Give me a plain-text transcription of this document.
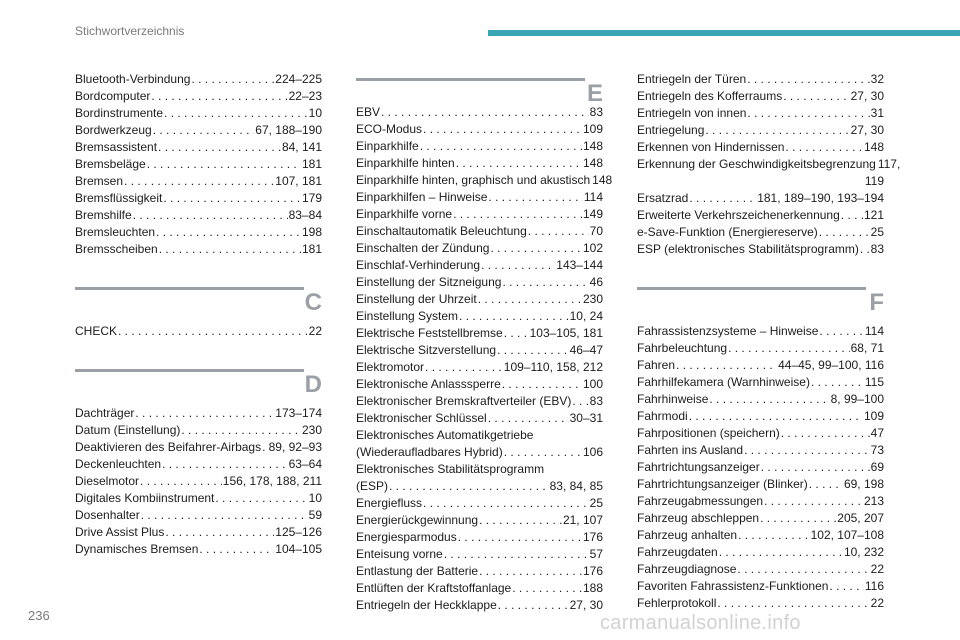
Stichwortverzeichnis
Bluetooth-Verbindung . . .	224–225
Bordcomputer . . .	22–23
Bordinstrumente . . .	10
Bordwerkzeug . . .	67, 188–190
Bremsassistent . . .	84, 141
Bremsbeläge . . .	181
Bremsen . . .	107, 181
Bremsflüssigkeit . . .	179
Bremshilfe . . .	83–84
Bremsleuchten . . .	198
Bremsscheiben . . .	181
C
CHECK . . .	22
D
Dachträger . . .	173–174
Datum (Einstellung) . . .	230
Deaktivieren des Beifahrer-Airbags . . . 89, 92–93
Deckenleuchten . . .	63–64
Dieselmotor . . .	156, 178, 188, 211
Digitales Kombiinstrument . . .	10
Dosenhalter . . .	59
Drive Assist Plus . . .	125–126
Dynamisches Bremsen . . .	104–105
E
EBV . . .	83
ECO-Modus . . .	109
Einparkhilfe . . .	148
Einparkhilfe hinten . . .	148
Einparkhilfe hinten, graphisch und akustisch 148
Einparkhilfen – Hinweise . . .	114
Einparkhilfe vorne . . .	149
Einschaltautomatik Beleuchtung . . .	70
Einschalten der Zündung . . .	102
Einschlaf-Verhinderung . . .	143–144
Einstellung der Sitzneigung . . .	46
Einstellung der Uhrzeit . . .	230
Einstellung System . . .	10, 24
Elektrische Feststellbremse . . . 103–105, 181
Elektrische Sitzverstellung . . .	46–47
Elektromotor . . .	109–110, 158, 212
Elektronische Anlasssperre . . .	100
Elektronischer Bremskraftverteiler (EBV) . . . 83
Elektronischer Schlüssel . . .	30–31
Elektronisches Automatikgetriebe
(Wiederaufladbares Hybrid) . . .	106
Elektronisches Stabilitätsprogramm
(ESP) . . .	83, 84, 85
Energiefluss . . .	25
Energierückgewinnung . . .	21, 107
Energiesparmodus . . .	176
Enteisung vorne . . .	57
Entlastung der Batterie . . .	176
Entlüften der Kraftstoffanlage . . .	188
Entriegeln der Heckklappe . . .	27, 30
Entriegeln der Türen . . .	32
Entriegeln des Kofferraums . . .	27, 30
Entriegeln von innen . . .	31
Entriegelung . . .	27, 30
Erkennen von Hindernissen . . .	148
Erkennung der Geschwindigkeitsbegrenzung 117,
119
Ersatzrad . . .	181, 189–190, 193–194
Erweiterte Verkehrszeichenerkennung . . . 121
e-Save-Funktion (Energiereserve) . . .	25
ESP (elektronisches Stabilitätsprogramm) . . . 83
F
Fahrassistenzsysteme – Hinweise . . .	114
Fahrbeleuchtung . . .	68, 71
Fahren . . .	44–45, 99–100, 116
Fahrhilfekamera (Warnhinweise) . . .	115
Fahrhinweise . . .	8, 99–100
Fahrmodi . . .	109
Fahrpositionen (speichern) . . .	47
Fahrten ins Ausland . . .	73
Fahrtrichtungsanzeiger . . .	69
Fahrtrichtungsanzeiger (Blinker) . . .	69, 198
Fahrzeugabmessungen . . .	213
Fahrzeug abschleppen . . .	205, 207
Fahrzeug anhalten . . .	102, 107–108
Fahrzeugdaten . . .	10, 232
Fahrzeugdiagnose . . .	22
Favoriten Fahrassistenz-Funktionen . . .	116
Fehlerprotokoll . . .	22
236	carmanualsonline.info
